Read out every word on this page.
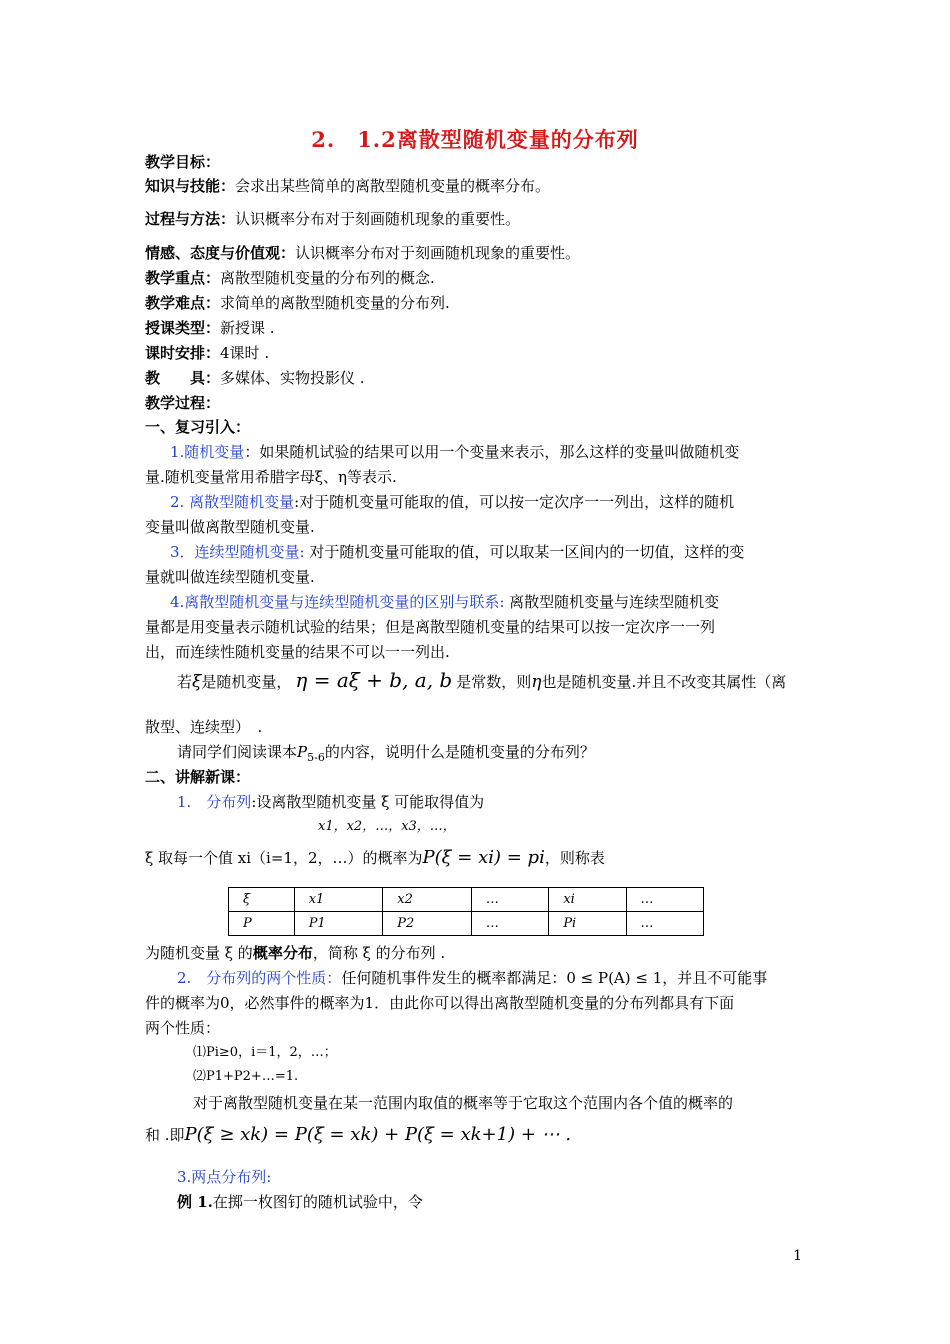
2.　1.2离散型随机变量的分布列
教学目标：
知识与技能：会求出某些简单的离散型随机变量的概率分布。
过程与方法：认识概率分布对于刻画随机现象的重要性。
情感、态度与价值观：认识概率分布对于刻画随机现象的重要性。
教学重点：离散型随机变量的分布列的概念.
教学难点：求简单的离散型随机变量的分布列.
授课类型：新授课 .
课时安排：4课时 .
教　　具：多媒体、实物投影仪 .
教学过程：
一、复习引入：
1.随机变量：如果随机试验的结果可以用一个变量来表示，那么这样的变量叫做随机变
量.随机变量常用希腊字母ξ、η等表示.
2. 离散型随机变量:对于随机变量可能取的值，可以按一定次序一一列出，这样的随机
变量叫做离散型随机变量.
3．连续型随机变量: 对于随机变量可能取的值，可以取某一区间内的一切值，这样的变
量就叫做连续型随机变量.
4.离散型随机变量与连续型随机变量的区别与联系: 离散型随机变量与连续型随机变
量都是用变量表示随机试验的结果；但是离散型随机变量的结果可以按一定次序一一列
出，而连续性随机变量的结果不可以一一列出.
若ξ是随机变量， η = aξ + b, a, b 是常数，则η也是随机变量.并且不改变其属性（离
散型、连续型）　.
请同学们阅读课本$P_{5-6}$的内容，说明什么是随机变量的分布列？
二、讲解新课：
1.　分布列:设离散型随机变量 ξ 可能取得值为
x1，x2，…，x3，…，
ξ 取每一个值 xi（i=1，2，…）的概率为P(ξ = xi) = pi，则称表
ξ	x1	x2	…	xi	…
P	P1	P2	…	Pi	…
为随机变量 ξ 的概率分布，简称 ξ 的分布列 .
2.　分布列的两个性质：任何随机事件发生的概率都满足：0 ≤ P(A) ≤ 1，并且不可能事
件的概率为0，必然事件的概率为1．由此你可以得出离散型随机变量的分布列都具有下面
两个性质：
⑴Pi≥0，i＝1，2，…；
⑵P1+P2+…=1.
对于离散型随机变量在某一范围内取值的概率等于它取这个范围内各个值的概率的
和 .即P(ξ ≥ xk) = P(ξ = xk) + P(ξ = xk+1) + ⋯ .
3.两点分布列:
例 1.在掷一枚图钉的随机试验中，令
1
